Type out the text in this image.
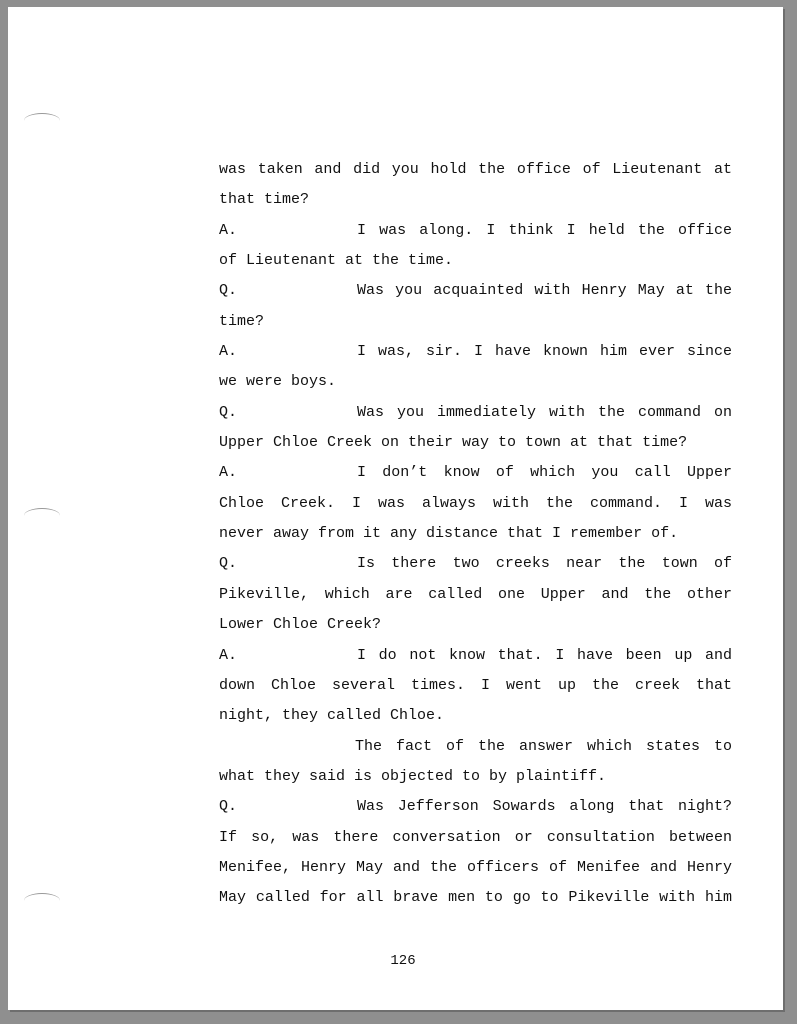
was taken and did you hold the office of Lieutenant at
that time?
A.	I was along. I think I held the office
of Lieutenant at the time.
Q.	Was you acquainted with Henry May at the
time?
A.	I was, sir. I have known him ever since
we were boys.
Q.	Was you immediately with the command on
Upper Chloe Creek on their way to town at that time?
A.	I don’t know of which you call Upper
Chloe Creek. I was always with the command. I was
never away from it any distance that I remember of.
Q.	Is there two creeks near the town of
Pikeville, which are called one Upper and the other
Lower Chloe Creek?
A.	I do not know that. I have been up and
down Chloe several times. I went up the creek that
night, they called Chloe.
The fact of the answer which states to
what they said is objected to by plaintiff.
Q.	Was Jefferson Sowards along that night?
If so, was there conversation or consultation between
Menifee, Henry May and the officers of Menifee and Henry
May called for all brave men to go to Pikeville with him
126
